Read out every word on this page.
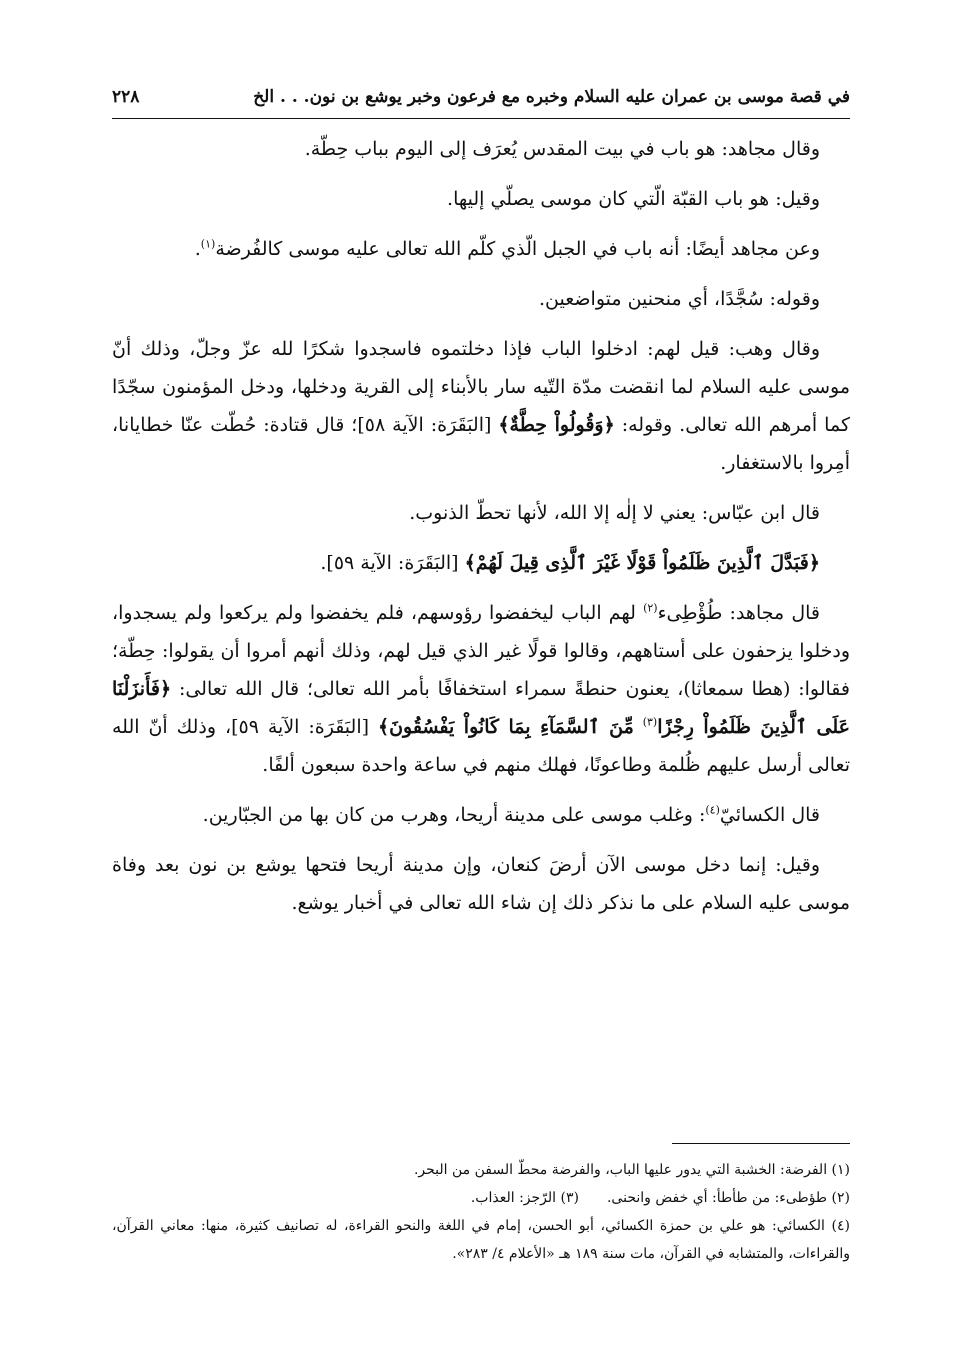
في قصة موسى بن عمران عليه السلام وخبره مع فرعون وخبر يوشع بن نون. . . الخ
٢٢٨

وقال مجاهد: هو باب في بيت المقدس يُعرَف إلى اليوم بباب حِطّة.

وقيل: هو باب القبّة الّتي كان موسى يصلّي إليها.

وعن مجاهد أيضًا: أنه باب في الجبل الّذي كلّم الله تعالى عليه موسى كالفُرضة$^{(١)}$.

وقوله: سُجَّدًا، أي منحنين متواضعين.

وقال وهب: قيل لهم: ادخلوا الباب فإذا دخلتموه فاسجدوا شكرًا لله عزّ وجلّ، وذلك أنّ موسى عليه السلام لما انقضت مدّة التّيه سار بالأبناء إلى القرية ودخلها، ودخل المؤمنون سجّدًا كما أمرهم الله تعالى. وقوله: ﴿وَقُولُواْ حِطَّةٌ﴾ [البَقَرَة: الآية ٥٨]؛ قال قتادة: حُطّت عنّا خطايانا، أمِروا بالاستغفار.

قال ابن عبّاس: يعني لا إلٰه إلا الله، لأنها تحطّ الذنوب.

﴿فَبَدَّلَ ٱلَّذِينَ ظَلَمُواْ قَوْلًا غَيْرَ ٱلَّذِى قِيلَ لَهُمْ﴾ [البَقَرَة: الآية ٥٩].

قال مجاهد: طُؤْطِىء$^{(٢)}$ لهم الباب ليخفضوا رؤوسهم، فلم يخفضوا ولم يركعوا ولم يسجدوا، ودخلوا يزحفون على أستاههم، وقالوا قولًا غير الذي قيل لهم، وذلك أنهم أمروا أن يقولوا: حِطّة؛ فقالوا: (هطا سمعاثا)، يعنون حنطةً سمراء استخفافًا بأمر الله تعالى؛ قال الله تعالى: ﴿فَأَنزَلْنَا عَلَى ٱلَّذِينَ ظَلَمُواْ رِجْزًا$^{(٣)}$ مِّنَ ٱلسَّمَآءِ بِمَا كَانُواْ يَفْسُقُونَ﴾ [البَقَرَة: الآية ٥٩]، وذلك أنّ الله تعالى أرسل عليهم ظُلمة وطاعونًا، فهلك منهم في ساعة واحدة سبعون ألفًا.

قال الكسائيّ$^{(٤)}$: وغلب موسى على مدينة أريحا، وهرب من كان بها من الجبّارين.

وقيل: إنما دخل موسى الآن أرضَ كنعان، وإن مدينة أريحا فتحها يوشع بن نون بعد وفاة موسى عليه السلام على ما نذكر ذلك إن شاء الله تعالى في أخبار يوشع.

(١) الفرضة: الخشبة التي يدور عليها الباب، والفرضة محطّ السفن من البحر.

(٢) طؤطىء: من طأطأ: أي خفض وانحنى.
(٣) الرّجز: العذاب.

(٤) الكسائي: هو علي بن حمزة الكسائي، أبو الحسن، إمام في اللغة والنحو القراءة، له تصانيف كثيرة، منها: معاني القرآن، والقراءات، والمتشابه في القرآن، مات سنة ١٨٩ هـ «الأعلام ٤/ ٢٨٣».
